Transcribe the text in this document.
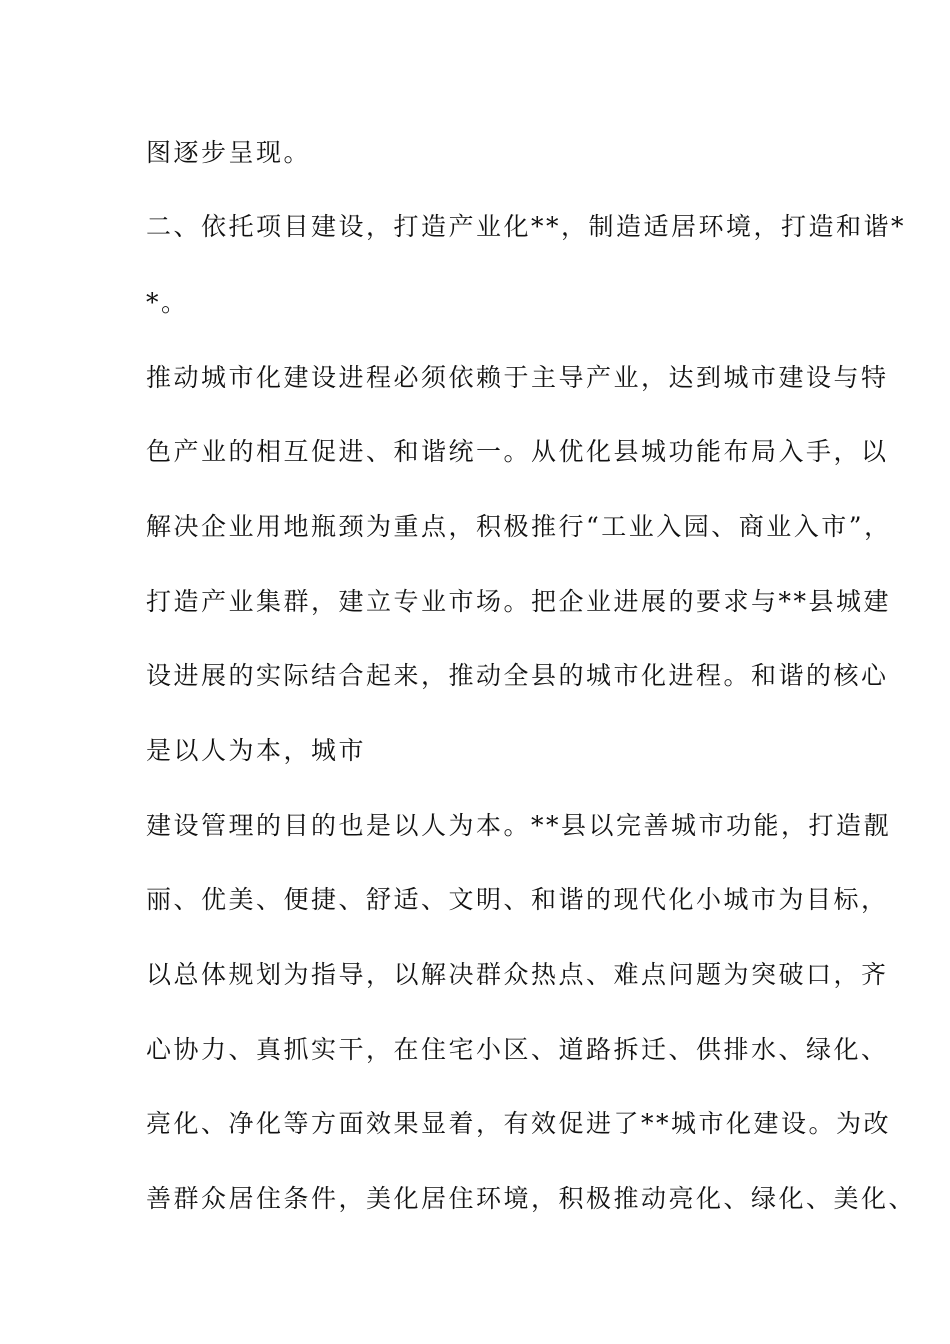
图逐步呈现。
二、依托项目建设，打造产业化**，制造适居环境，打造和谐*
*。
推动城市化建设进程必须依赖于主导产业，达到城市建设与特
色产业的相互促进、和谐统一。从优化县城功能布局入手，以
解决企业用地瓶颈为重点，积极推行“工业入园、商业入市”，
打造产业集群，建立专业市场。把企业进展的要求与**县城建
设进展的实际结合起来，推动全县的城市化进程。和谐的核心
是以人为本，城市
建设管理的目的也是以人为本。**县以完善城市功能，打造靓
丽、优美、便捷、舒适、文明、和谐的现代化小城市为目标，
以总体规划为指导，以解决群众热点、难点问题为突破口，齐
心协力、真抓实干，在住宅小区、道路拆迁、供排水、绿化、
亮化、净化等方面效果显着，有效促进了**城市化建设。为改
善群众居住条件，美化居住环境，积极推动亮化、绿化、美化、
